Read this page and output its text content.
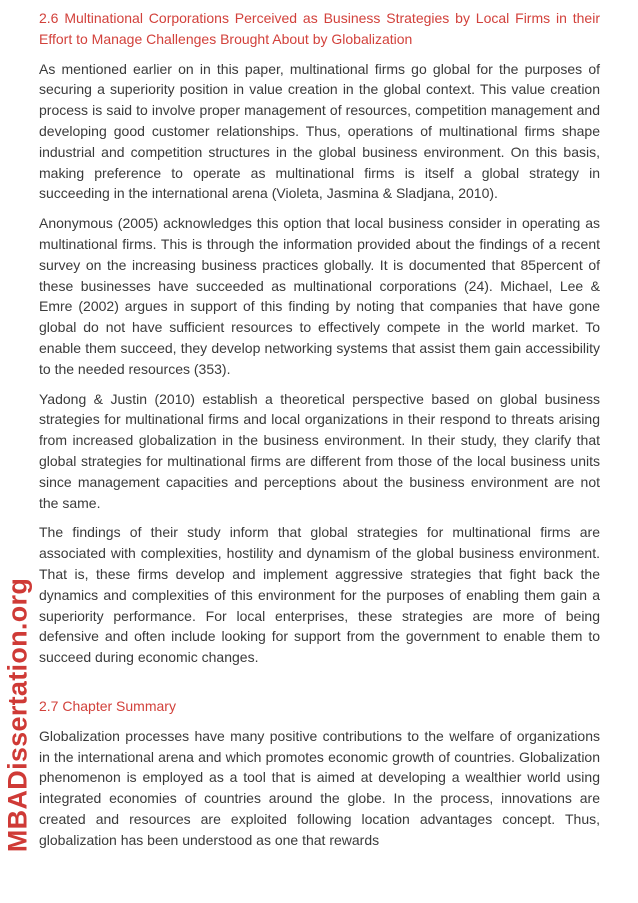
MBADissertation.org
2.6 Multinational Corporations Perceived as Business Strategies by Local Firms in their Effort to Manage Challenges Brought About by Globalization

As mentioned earlier on in this paper, multinational firms go global for the purposes of securing a superiority position in value creation in the global context. This value creation process is said to involve proper management of resources, competition management and developing good customer relationships. Thus, operations of multinational firms shape industrial and competition structures in the global business environment. On this basis, making preference to operate as multinational firms is itself a global strategy in succeeding in the international arena (Violeta, Jasmina & Sladjana, 2010).

Anonymous (2005) acknowledges this option that local business consider in operating as multinational firms. This is through the information provided about the findings of a recent survey on the increasing business practices globally. It is documented that 85percent of these businesses have succeeded as multinational corporations (24). Michael, Lee & Emre (2002) argues in support of this finding by noting that companies that have gone global do not have sufficient resources to effectively compete in the world market. To enable them succeed, they develop networking systems that assist them gain accessibility to the needed resources (353).

Yadong & Justin (2010) establish a theoretical perspective based on global business strategies for multinational firms and local organizations in their respond to threats arising from increased globalization in the business environment. In their study, they clarify that global strategies for multinational firms are different from those of the local business units since management capacities and perceptions about the business environment are not the same.

The findings of their study inform that global strategies for multinational firms are associated with complexities, hostility and dynamism of the global business environment. That is, these firms develop and implement aggressive strategies that fight back the dynamics and complexities of this environment for the purposes of enabling them gain a superiority performance. For local enterprises, these strategies are more of being defensive and often include looking for support from the government to enable them to succeed during economic changes.

2.7 Chapter Summary

Globalization processes have many positive contributions to the welfare of organizations in the international arena and which promotes economic growth of countries. Globalization phenomenon is employed as a tool that is aimed at developing a wealthier world using integrated economies of countries around the globe. In the process, innovations are created and resources are exploited following location advantages concept. Thus, globalization has been understood as one that rewards
